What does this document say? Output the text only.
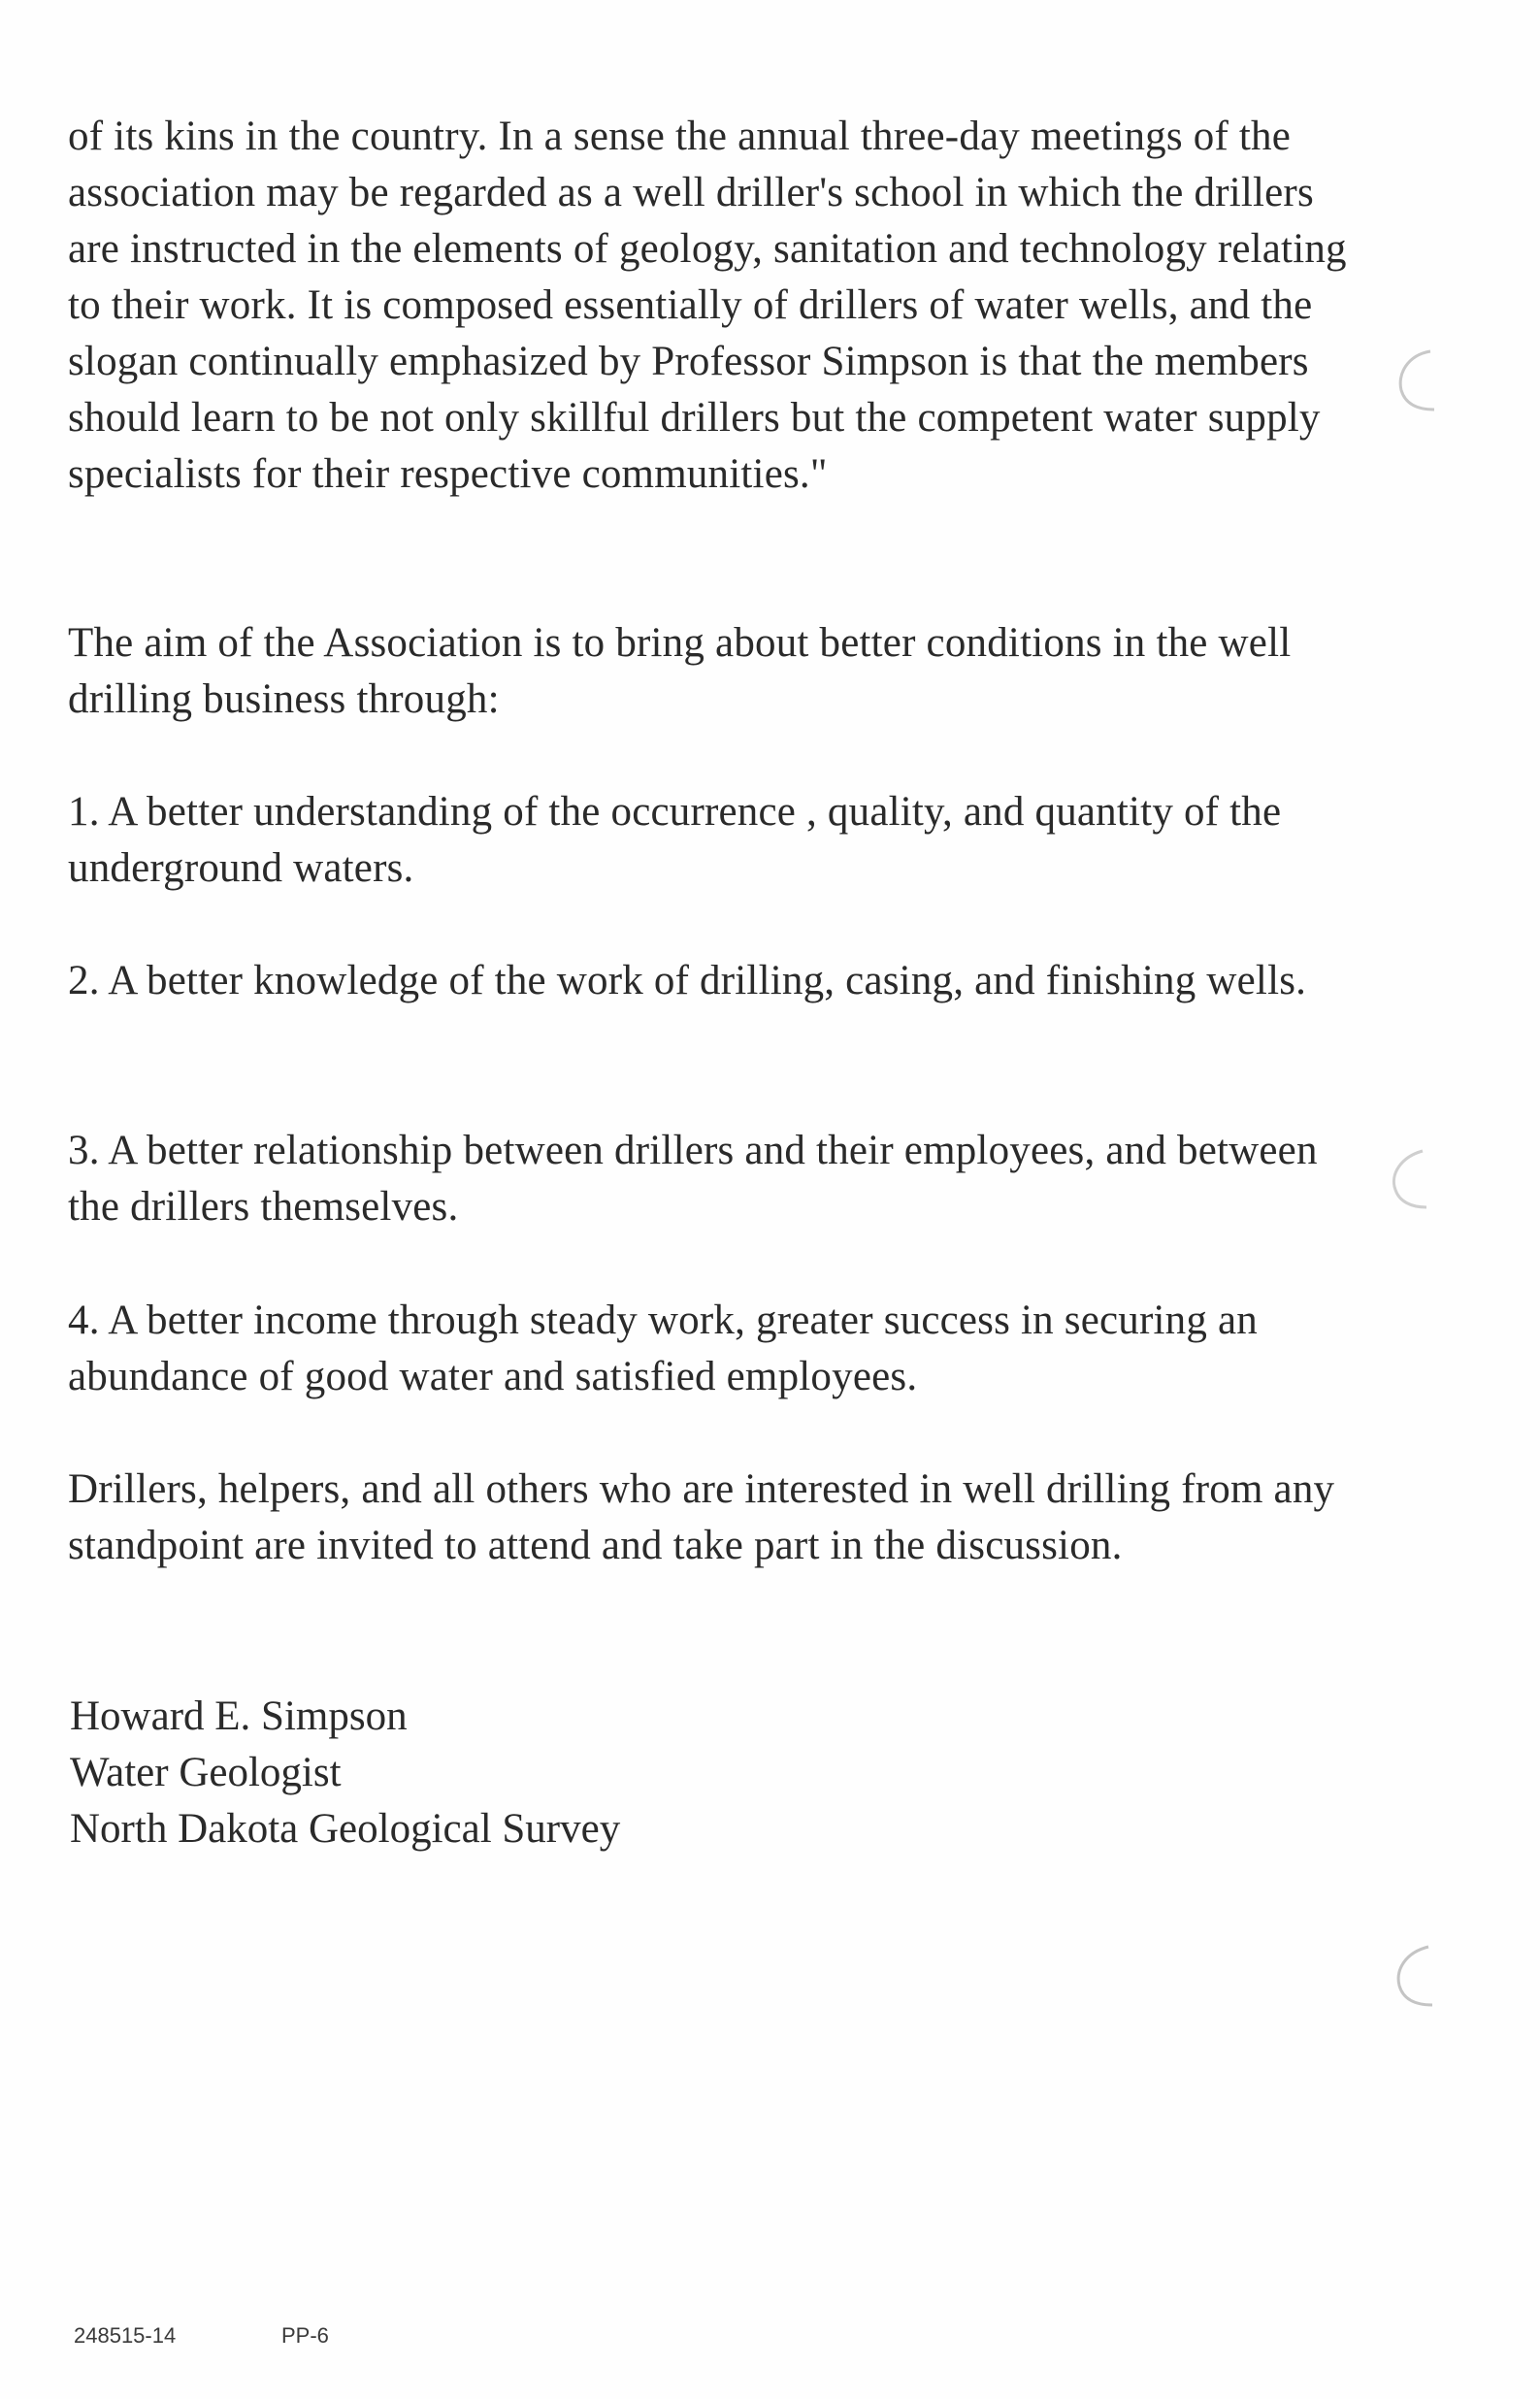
of its kins in the country. In a sense the annual three-day meetings of the association may be regarded as a well driller's school in which the drillers are instructed in the elements of geology, sanitation and technology relating to their work. It is composed essentially of drillers of water wells, and the slogan continually emphasized by Professor Simpson is that the members should learn to be not only skillful drillers but the competent water supply specialists for their respective communities."

The aim of the Association is to bring about better conditions in the well drilling business through:

1. A better understanding of the occurrence , quality, and quantity of the underground waters.

2. A better knowledge of the work of drilling, casing, and finishing wells.

3. A better relationship between drillers and their employees, and between the drillers themselves.

4. A better income through steady work, greater success in securing an abundance of good water and satisfied employees.

Drillers, helpers, and all others who are interested in well drilling from any standpoint are invited to attend and take part in the discussion.

Howard E. Simpson
Water Geologist
North Dakota Geological Survey
248515-14	PP-6
